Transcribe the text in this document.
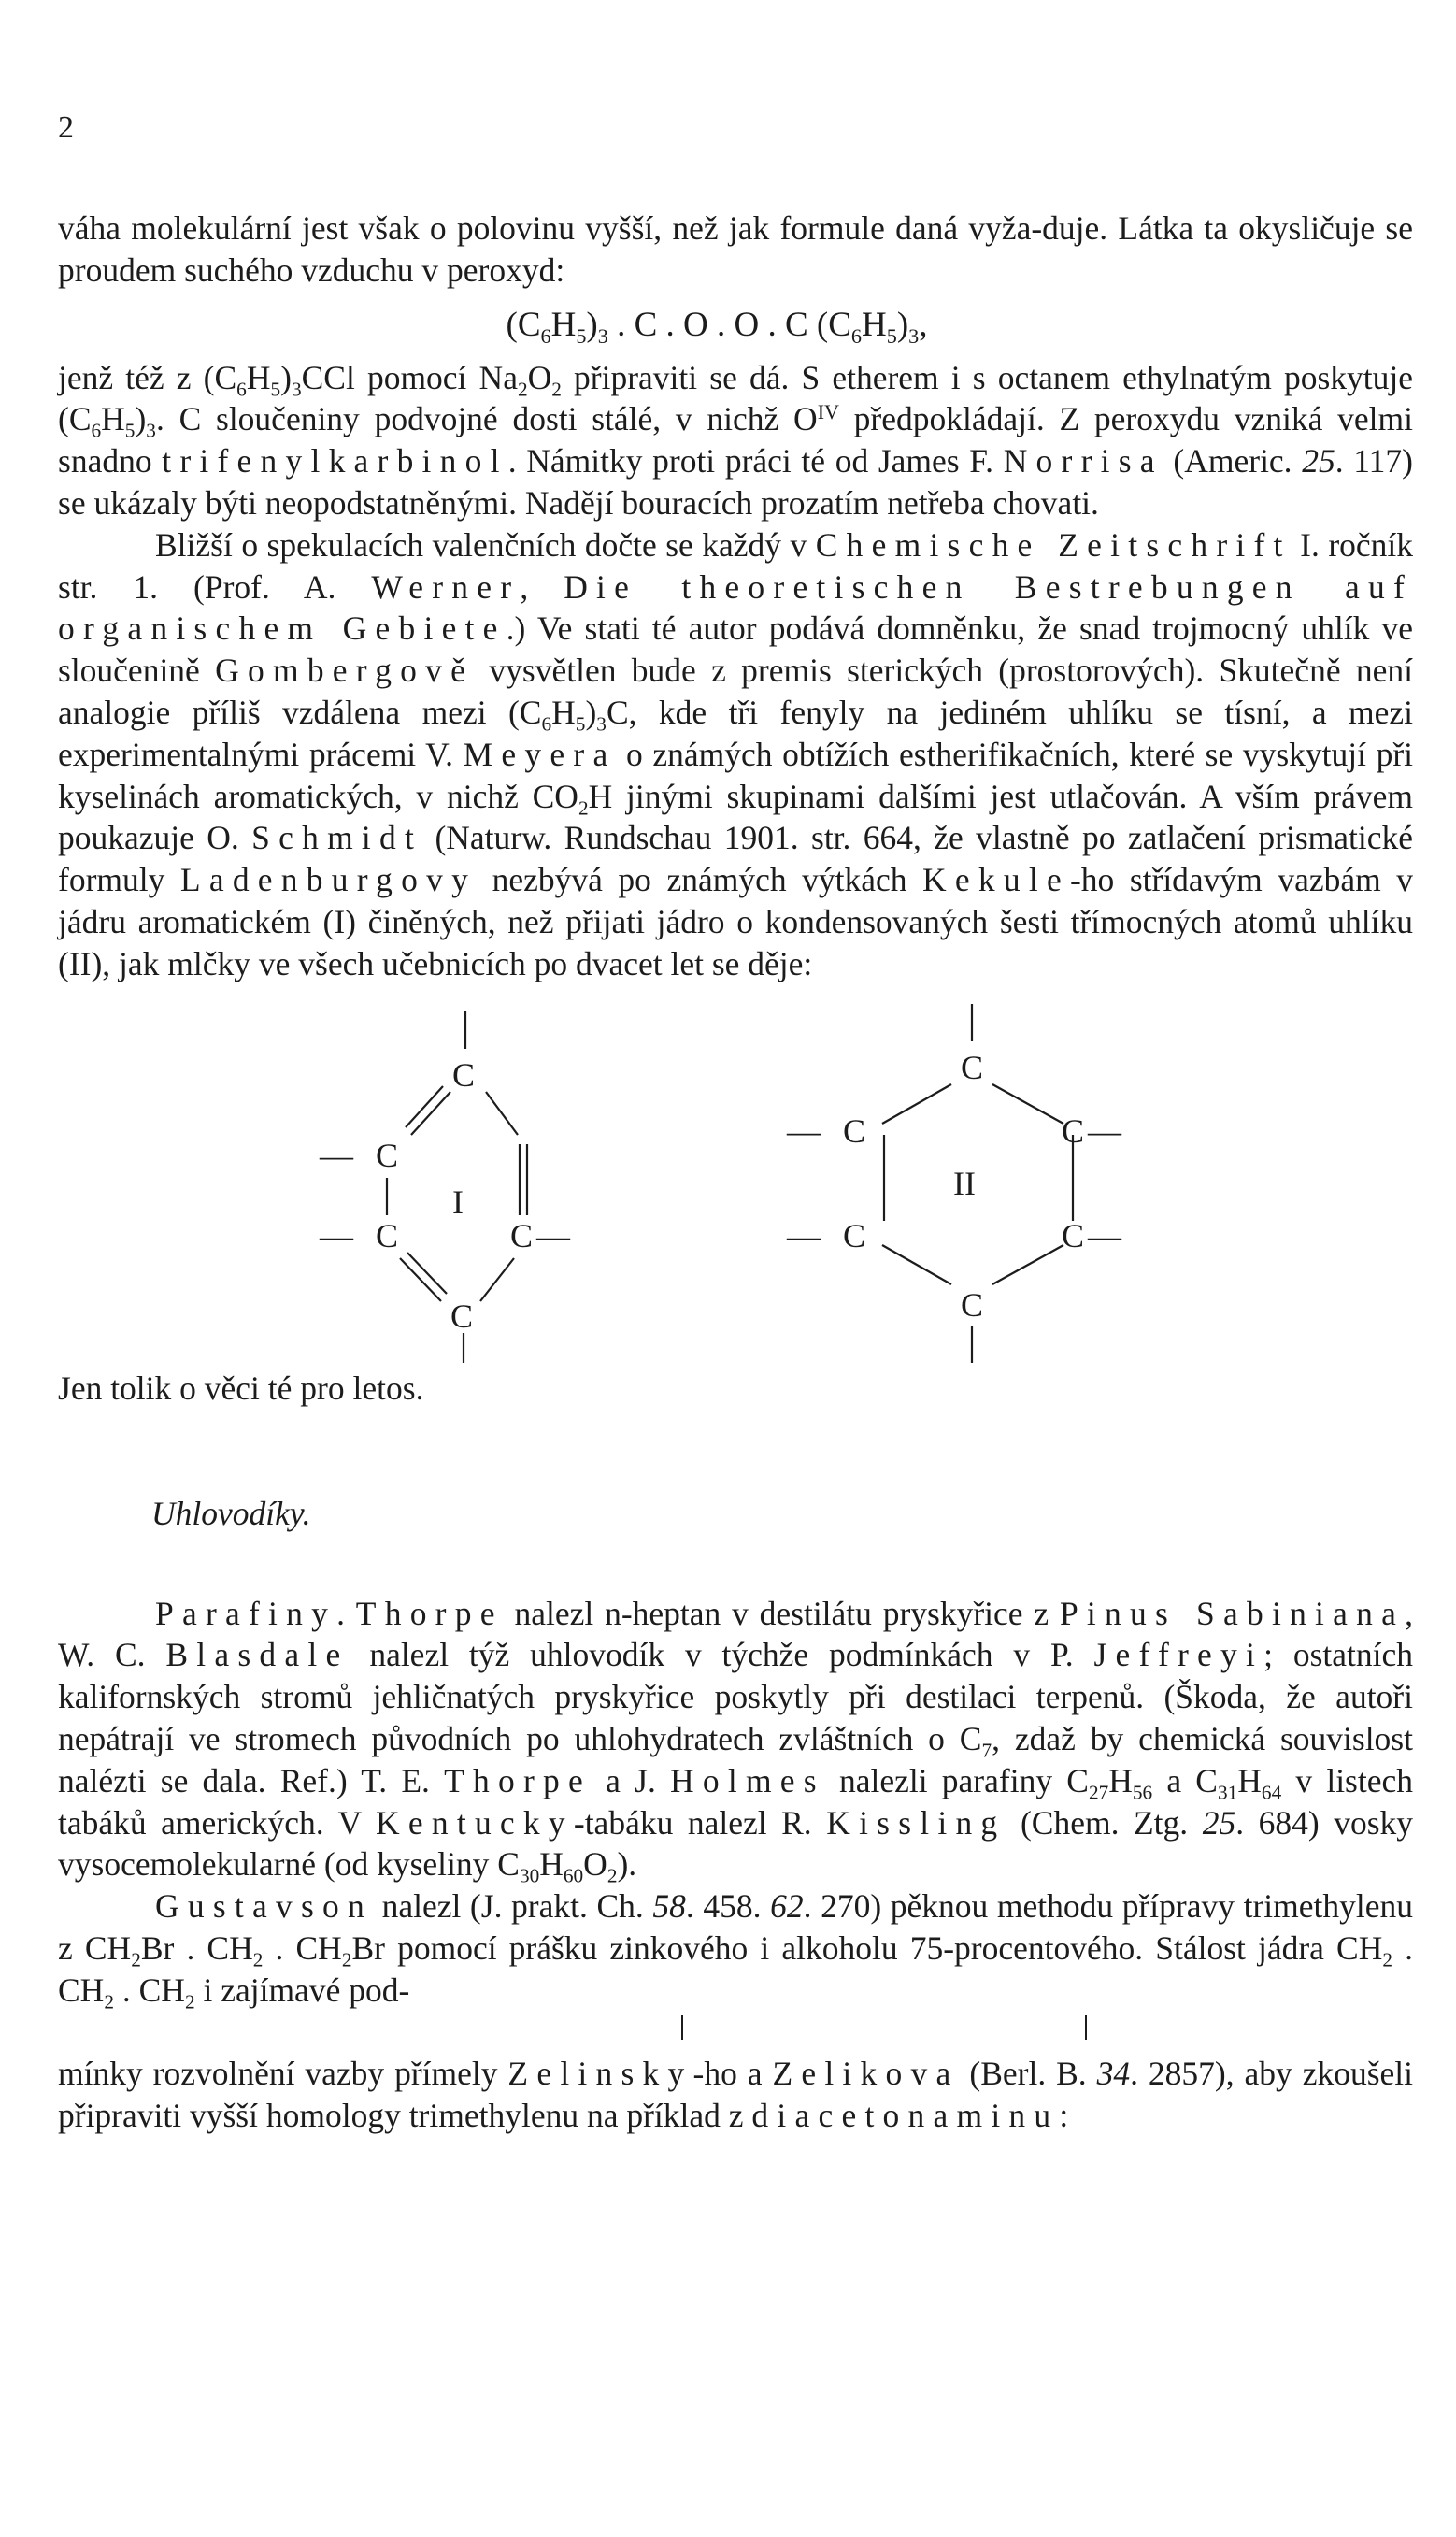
2

váha molekulární jest však o polovinu vyšší, než jak formule daná vyža-duje. Látka ta okysličuje se proudem suchého vzduchu v peroxyd:

$(C_6H_5)_3$ . C . O . O . C $(C_6H_5)_3$,

jenž též z $(C_6H_5)_3CCl$ pomocí $Na_2O_2$ připraviti se dá. S etherem i s octanem ethylnatým poskytuje $(C_6H_5)_3$. C sloučeniny podvojné dosti stálé, v nichž $O^{IV}$ předpokládají. Z peroxydu vzniká velmi snadno trifenylkarbinol. Námitky proti práci té od James F. Norrisa (Americ. 25. 117) se ukázaly býti neopodstatněnými. Nadějí bouracích prozatím netřeba chovati.

Bližší o spekulacích valenčních dočte se každý v Chemische Zeitschrift I. ročník str. 1. (Prof. A. Werner, Die theoretischen Bestrebungen auf organischem Gebiete.) Ve stati té autor podává domněnku, že snad trojmocný uhlík ve sloučenině Gombergově vysvětlen bude z premis sterických (prostorových). Skutečně není analogie příliš vzdálena mezi $(C_6H_5)_3C$, kde tři fenyly na jediném uhlíku se tísní, a mezi experimentalnými prácemi V. Meyera o známých obtížích estherifikačních, které se vyskytují při kyselinách aromatických, v nichž $CO_2H$ jinými skupinami dalšími jest utlačován. A vším právem poukazuje O. Schmidt (Naturw. Rundschau 1901. str. 664, že vlastně po zatlačení prismatické formuly Ladenburgovy nezbývá po známých výtkách Kekule-ho střídavým vazbám v jádru aromatickém (I) činěných, než přijati jádro o kondensovaných šesti třímocných atomů uhlíku (II), jak mlčky ve všech učebnicích po dvacet let se děje:

C
— C
I
— C	C —
C
C
— C	C —
II
— C	C —
C
Jen tolik o věci té pro letos.
Uhlovodíky.

Parafiny. Thorpe nalezl n-heptan v destilátu pryskyřice z Pinus Sabiniana, W. C. Blasdale nalezl týž uhlovodík v týchže podmínkách v P. Jeffreyi; ostatních kalifornských stromů jehličnatých pryskyřice poskytly při destilaci terpenů. (Škoda, že autoři nepátrají ve stromech původních po uhlohydratech zvláštních o $C_7$, zdaž by chemická souvislost nalézti se dala. Ref.) T. E. Thorpe a J. Holmes nalezli parafiny $C_{27}H_{56}$ a $C_{31}H_{64}$ v listech tabáků amerických. V Kentucky-tabáku nalezl R. Kissling (Chem. Ztg. 25. 684) vosky vysocemolekularné (od kyseliny $C_{30}H_{60}O_2$).

Gustavson nalezl (J. prakt. Ch. 58. 458. 62. 270) pěknou methodu přípravy trimethylenu z $CH_2Br$ . $CH_2$ . $CH_2Br$ pomocí prášku zinkového i alkoholu 75-procentového. Stálost jádra $CH_2$ . $CH_2$ . $CH_2$ i zajímavé pod-

mínky rozvolnění vazby přímely Zelinsky-ho a Zelikova (Berl. B. 34. 2857), aby zkoušeli připraviti vyšší homology trimethylenu na příklad z diacetonaminu:
